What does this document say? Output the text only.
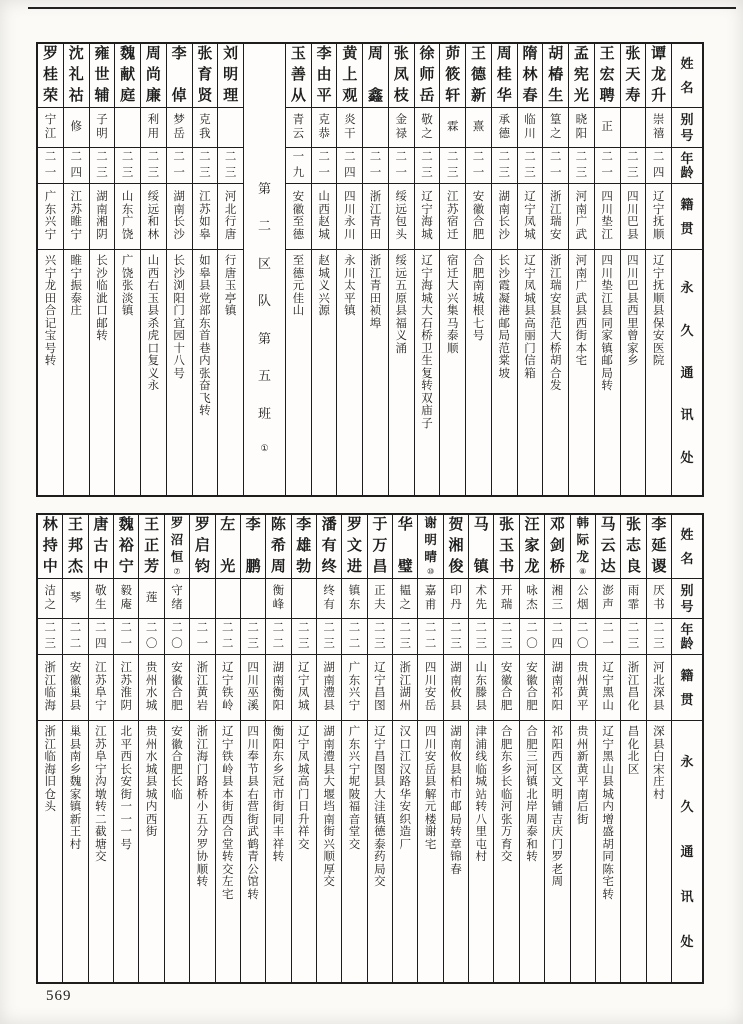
姓
名
别
号
年
龄
籍
贯
永
久
通
讯
处
谭
龙
升
崇
禧
二
四
辽
宁
抚
顺
辽
宁
抚
顺
县
保
安
医
院
张
天
寿
二
三
四
川
巴
县
四
川
巴
县
西
里
曾
家
乡
王
宏
聘
正
二
一
四
川
垫
江
四
川
垫
江
县
同
家
镇
邮
局
转
孟
宪
光
晓
阳
二
三
河
南
广
武
河
南
广
武
县
西
街
本
宅
胡
椿
生
篁
之
二
一
浙
江
瑞
安
浙
江
瑞
安
县
范
大
桥
胡
合
发
隋
林
春
临
川
二
三
辽
宁
凤
城
辽
宁
凤
城
县
高
丽
门
信
箱
周
桂
华
承
德
二
三
湖
南
长
沙
长
沙
霞
凝
港
邮
局
范
棠
坡
王
德
新
熹
二
一
安
徽
合
肥
合
肥
南
城
根
七
号
茆
筱
轩
霖
二
三
江
苏
宿
迁
宿
迁
大
兴
集
马
泰
顺
徐
师
岳
敬
之
二
三
辽
宁
海
城
辽
宁
海
城
大
石
桥
卫
生
复
转
双
庙
子
张
凤
枝
金
禄
二
一
绥
远
包
头
绥
远
五
原
县
福
义
涌
周
鑫
二
一
浙
江
青
田
浙
江
青
田
祯
埠
黄
上
观
炎
干
二
四
四
川
永
川
永
川
太
平
镇
李
由
平
克
恭
二
一
山
西
赵
城
赵
城
义
兴
源
玉
善
从
青
云
一
九
安
徽
至
德
至
德
元
佳
山
第
二
区
队
第
五
班
①
刘
明
理
二
三
河
北
行
唐
行
唐
玉
亭
镇
张
育
贤
克
我
二
三
江
苏
如
皋
如
皋
县
党
部
东
首
巷
内
张
奋
飞
转
李
倬
梦
岳
二
一
湖
南
长
沙
长
沙
浏
阳
门
宜
园
十
八
号
周
尚
廉
利
用
二
三
绥
远
和
林
山
西
右
玉
县
杀
虎
口
复
义
永
魏
献
庭
二
三
山
东
广
饶
广
饶
张
淡
镇
雍
世
辅
子
明
二
三
湖
南
湘
阴
长
沙
临
泚
口
邮
转
沈
礼
祜
修
二
四
江
苏
睢
宁
睢
宁
振
泰
庄
罗
桂
荣
宁
江
二
一
广
东
兴
宁
兴
宁
龙
田
合
记
宝
号
转
姓
名
别
号
年
龄
籍
贯
永
久
通
讯
处
李
延
谡
厌
书
二
三
河
北
深
县
深
县
白
宋
庄
村
张
志
良
雨
霏
二
三
浙
江
昌
化
昌
化
北
区
马
云
达
澎
声
二
一
辽
宁
黑
山
辽
宁
黑
山
县
城
内
增
盛
胡
同
陈
宅
转
韩
际
龙
⑧
公
烟
二
〇
贵
州
黄
平
贵
州
新
黄
平
南
后
街
邓
剑
桥
湘
三
二
四
湖
南
祁
阳
祁
阳
西
区
文
明
铺
吉
庆
门
罗
老
周
汪
家
龙
咏
杰
二
〇
安
徽
合
肥
合
肥
三
河
镇
北
岸
周
泰
和
转
张
玉
书
开
瑞
二
三
安
徽
合
肥
合
肥
东
乡
长
临
河
张
万
育
交
马
镇
术
先
二
三
山
东
滕
县
津
浦
线
临
城
站
转
八
里
屯
村
贺
湘
俊
印
丹
二
三
湖
南
攸
县
湖
南
攸
县
柏
市
邮
局
转
章
锦
春
谢
明
晴
⑩
嘉
甫
二
二
四
川
安
岳
四
川
安
岳
县
解
元
楼
谢
宅
华
璧
韫
之
二
三
浙
江
湖
州
汉
口
江
汉
路
华
安
织
造
厂
于
万
昌
正
夫
二
三
辽
宁
昌
图
辽
宁
昌
图
县
大
洼
镇
德
泰
药
局
交
罗
文
进
镇
东
二
二
广
东
兴
宁
广
东
兴
宁
坭
陂
福
音
堂
交
潘
有
终
终
有
二
三
湖
南
澧
县
湖
南
澧
县
大
堰
垱
南
街
兴
顺
厚
交
李
雄
勃
二
三
辽
宁
凤
城
辽
宁
凤
城
高
门
日
升
祥
交
陈
希
周
衡
峰
二
二
湖
南
衡
阳
衡
阳
东
乡
冠
市
街
同
丰
祥
转
李
鹏
二
三
四
川
巫
溪
四
川
奉
节
县
右
营
街
武
鹤
青
公
馆
转
左
光
二
二
辽
宁
铁
岭
辽
宁
铁
岭
县
本
街
西
合
堂
转
交
左
宅
罗
启
钧
二
一
浙
江
黄
岩
浙
江
海
门
路
桥
小
五
分
罗
协
顺
转
罗
沼
恒
⑦
守
绪
二
〇
安
徽
合
肥
安
徽
合
肥
长
临
王
正
芳
莲
二
〇
贵
州
水
城
贵
州
水
城
县
城
内
西
街
魏
裕
宁
毅
庵
二
一
江
苏
淮
阴
北
平
西
长
安
街
一
一
一
号
唐
古
中
敬
生
二
四
江
苏
阜
宁
江
苏
阜
宁
沟
墩
转
二
截
塘
交
王
邦
杰
琴
二
二
安
徽
巢
县
巢
县
南
乡
魏
家
镇
新
王
村
林
持
中
洁
之
二
三
浙
江
临
海
浙
江
临
海
旧
仓
头
569
